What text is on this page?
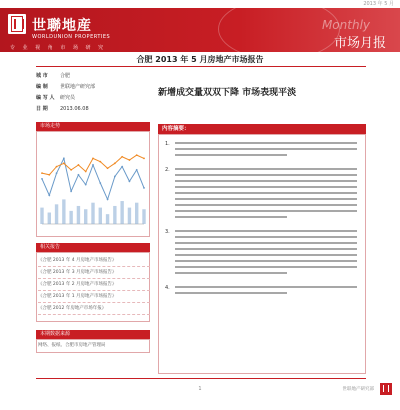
2013 年 5 月
世聯地産
WORLDUNION PROPERTIES
专 业 视 角 市 场 研 究
Monthly
市场月报
合肥 2013 年 5 月房地产市场报告
城 市 合肥
编 制 世联地产研究部
编 写 人 研究员
日 期 2013.06.08
新增成交量双双下降 市场表现平淡
市场走势
相关报告
《合肥 2013 年 4 月房地产市场报告》
《合肥 2013 年 3 月房地产市场报告》
《合肥 2013 年 2 月房地产市场报告》
《合肥 2013 年 1 月房地产市场报告》
《合肥 2012 年房地产市场年报》
本期数据来源
网络、报纸、合肥市房地产管理局
内容摘要：
1.
2.
3.
4.
1	世联地产研究部
